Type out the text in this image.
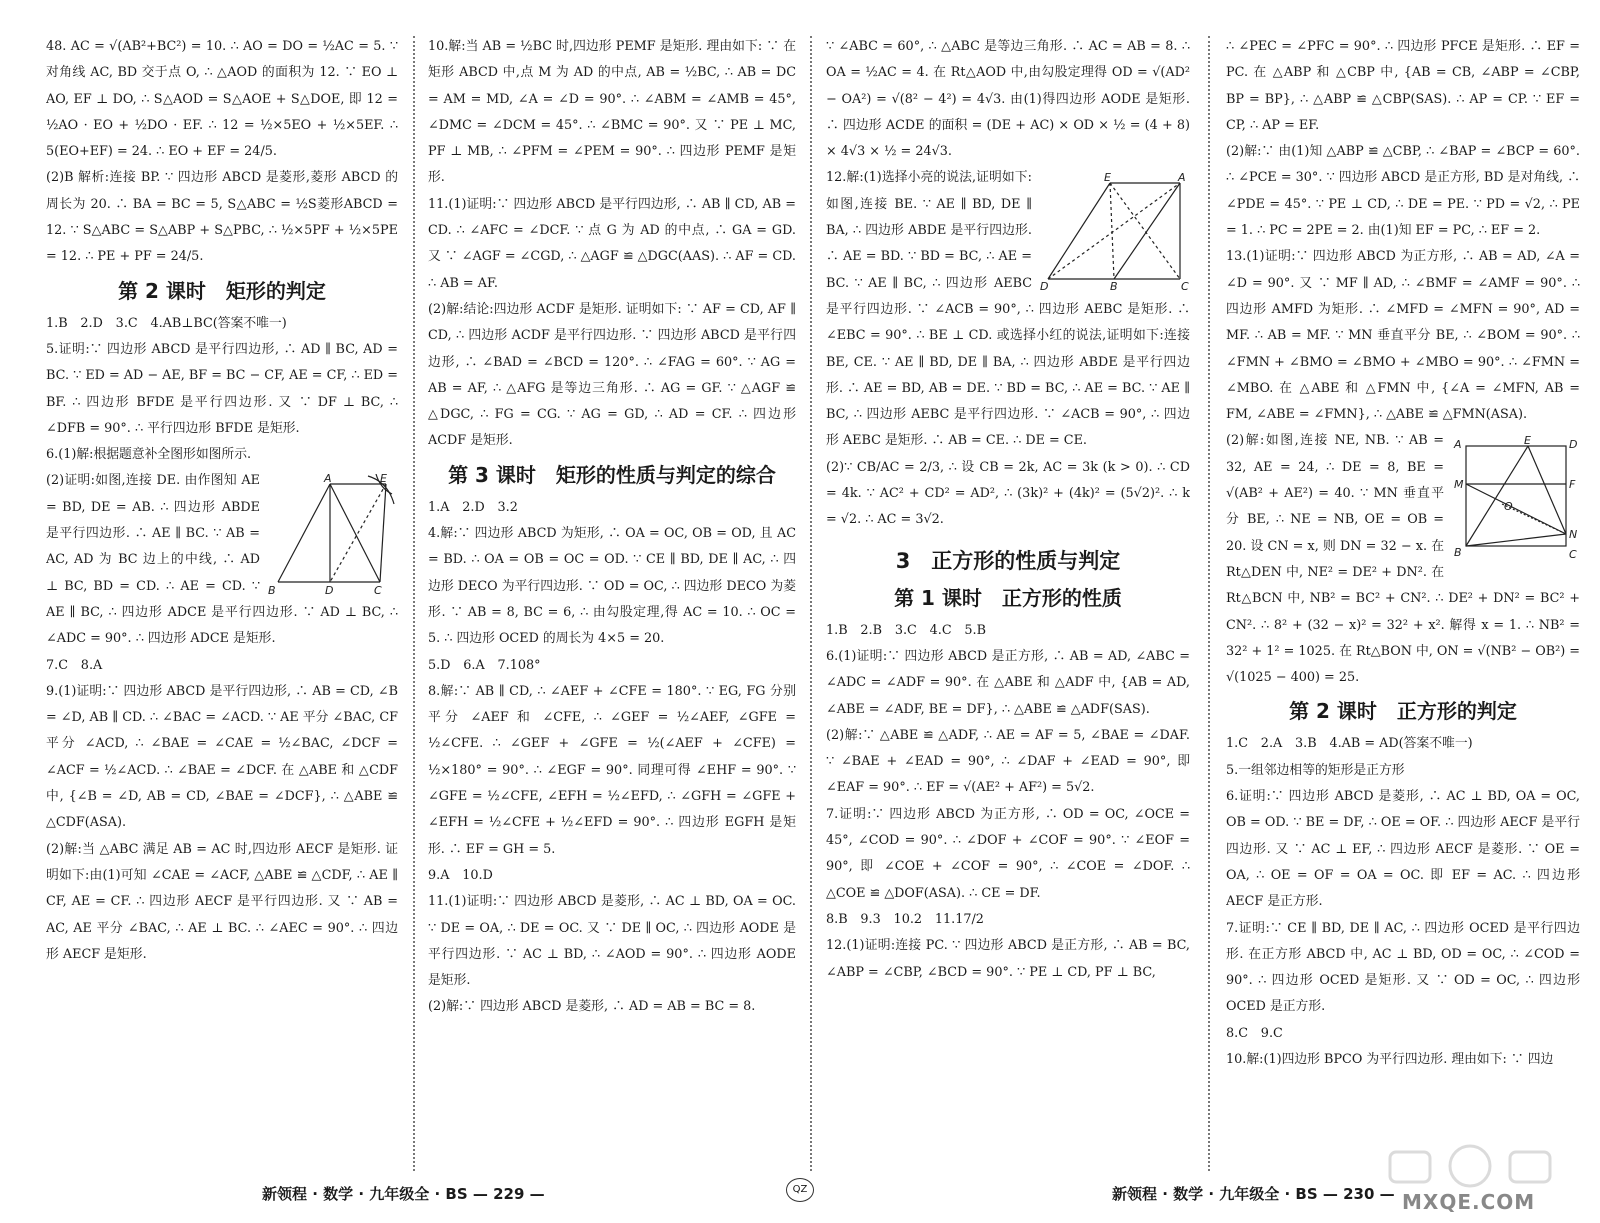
48. AC = √(AB²+BC²) = 10. ∴ AO = DO = ½AC = 5. ∵ 对角线 AC, BD 交于点 O, ∴ △AOD 的面积为 12. ∵ EO ⊥ AO, EF ⊥ DO, ∴ S△AOD = S△AOE + S△DOE, 即 12 = ½AO · EO + ½DO · EF. ∴ 12 = ½×5EO + ½×5EF. ∴ 5(EO+EF) = 24. ∴ EO + EF = 24/5.

(2)B 解析:连接 BP. ∵ 四边形 ABCD 是菱形,菱形 ABCD 的周长为 20. ∴ BA = BC = 5, S△ABC = ½S菱形ABCD = 12. ∵ S△ABC = S△ABP + S△PBC, ∴ ½×5PF + ½×5PE = 12. ∴ PE + PF = 24/5.

第 2 课时　矩形的判定

1.B　2.D　3.C　4.AB⊥BC(答案不唯一)

5.证明:∵ 四边形 ABCD 是平行四边形, ∴ AD ∥ BC, AD = BC. ∵ ED = AD − AE, BF = BC − CF, AE = CF, ∴ ED = BF. ∴ 四边形 BFDE 是平行四边形. 又 ∵ DF ⊥ BC, ∴ ∠DFB = 90°. ∴ 平行四边形 BFDE 是矩形.

6.(1)解:根据题意补全图形如图所示.

A
B	C
D
E

(2)证明:如图,连接 DE. 由作图知 AE = BD, DE = AB. ∴ 四边形 ABDE 是平行四边形. ∴ AE ∥ BC. ∵ AB = AC, AD 为 BC 边上的中线, ∴ AD ⊥ BC, BD = CD. ∴ AE = CD. ∵ AE ∥ BC, ∴ 四边形 ADCE 是平行四边形. ∵ AD ⊥ BC, ∴ ∠ADC = 90°. ∴ 四边形 ADCE 是矩形.

7.C　8.A

9.(1)证明:∵ 四边形 ABCD 是平行四边形, ∴ AB = CD, ∠B = ∠D, AB ∥ CD. ∴ ∠BAC = ∠ACD. ∵ AE 平分 ∠BAC, CF 平分 ∠ACD, ∴ ∠BAE = ∠CAE = ½∠BAC, ∠DCF = ∠ACF = ½∠ACD. ∴ ∠BAE = ∠DCF. 在 △ABE 和 △CDF 中, {∠B = ∠D, AB = CD, ∠BAE = ∠DCF}, ∴ △ABE ≌ △CDF(ASA).

(2)解:当 △ABC 满足 AB = AC 时,四边形 AECF 是矩形. 证明如下:由(1)可知 ∠CAE = ∠ACF, △ABE ≌ △CDF, ∴ AE ∥ CF, AE = CF. ∴ 四边形 AECF 是平行四边形. 又 ∵ AB = AC, AE 平分 ∠BAC, ∴ AE ⊥ BC. ∴ ∠AEC = 90°. ∴ 四边形 AECF 是矩形.

10.解:当 AB = ½BC 时,四边形 PEMF 是矩形. 理由如下: ∵ 在矩形 ABCD 中,点 M 为 AD 的中点, AB = ½BC, ∴ AB = DC = AM = MD, ∠A = ∠D = 90°. ∴ ∠ABM = ∠AMB = 45°, ∠DMC = ∠DCM = 45°. ∴ ∠BMC = 90°. 又 ∵ PE ⊥ MC, PF ⊥ MB, ∴ ∠PFM = ∠PEM = 90°. ∴ 四边形 PEMF 是矩形.

11.(1)证明:∵ 四边形 ABCD 是平行四边形, ∴ AB ∥ CD, AB = CD. ∴ ∠AFC = ∠DCF. ∵ 点 G 为 AD 的中点, ∴ GA = GD. 又 ∵ ∠AGF = ∠CGD, ∴ △AGF ≌ △DGC(AAS). ∴ AF = CD. ∴ AB = AF.

(2)解:结论:四边形 ACDF 是矩形. 证明如下: ∵ AF = CD, AF ∥ CD, ∴ 四边形 ACDF 是平行四边形. ∵ 四边形 ABCD 是平行四边形, ∴ ∠BAD = ∠BCD = 120°. ∴ ∠FAG = 60°. ∵ AG = AB = AF, ∴ △AFG 是等边三角形. ∴ AG = GF. ∵ △AGF ≌ △DGC, ∴ FG = CG. ∵ AG = GD, ∴ AD = CF. ∴ 四边形 ACDF 是矩形.

第 3 课时　矩形的性质与判定的综合

1.A　2.D　3.2

4.解:∵ 四边形 ABCD 为矩形, ∴ OA = OC, OB = OD, 且 AC = BD. ∴ OA = OB = OC = OD. ∵ CE ∥ BD, DE ∥ AC, ∴ 四边形 DECO 为平行四边形. ∵ OD = OC, ∴ 四边形 DECO 为菱形. ∵ AB = 8, BC = 6, ∴ 由勾股定理,得 AC = 10. ∴ OC = 5. ∴ 四边形 OCED 的周长为 4×5 = 20.

5.D　6.A　7.108°

8.解:∵ AB ∥ CD, ∴ ∠AEF + ∠CFE = 180°. ∵ EG, FG 分别平分 ∠AEF 和 ∠CFE, ∴ ∠GEF = ½∠AEF, ∠GFE = ½∠CFE. ∴ ∠GEF + ∠GFE = ½(∠AEF + ∠CFE) = ½×180° = 90°. ∴ ∠EGF = 90°. 同理可得 ∠EHF = 90°. ∵ ∠GFE = ½∠CFE, ∠EFH = ½∠EFD, ∴ ∠GFH = ∠GFE + ∠EFH = ½∠CFE + ½∠EFD = 90°. ∴ 四边形 EGFH 是矩形. ∴ EF = GH = 5.

9.A　10.D

11.(1)证明:∵ 四边形 ABCD 是菱形, ∴ AC ⊥ BD, OA = OC. ∵ DE = OA, ∴ DE = OC. 又 ∵ DE ∥ OC, ∴ 四边形 AODE 是平行四边形. ∵ AC ⊥ BD, ∴ ∠AOD = 90°. ∴ 四边形 AODE 是矩形.

(2)解:∵ 四边形 ABCD 是菱形, ∴ AD = AB = BC = 8.

∵ ∠ABC = 60°, ∴ △ABC 是等边三角形. ∴ AC = AB = 8. ∴ OA = ½AC = 4. 在 Rt△AOD 中,由勾股定理得 OD = √(AD² − OA²) = √(8² − 4²) = 4√3. 由(1)得四边形 AODE 是矩形. ∴ 四边形 ACDE 的面积 = (DE + AC) × OD × ½ = (4 + 8) × 4√3 × ½ = 24√3.

E	A
D	B	C

12.解:(1)选择小亮的说法,证明如下:如图,连接 BE. ∵ AE ∥ BD, DE ∥ BA, ∴ 四边形 ABDE 是平行四边形. ∴ AE = BD. ∵ BD = BC, ∴ AE = BC. ∵ AE ∥ BC, ∴ 四边形 AEBC 是平行四边形. ∵ ∠ACB = 90°, ∴ 四边形 AEBC 是矩形. ∴ ∠EBC = 90°. ∴ BE ⊥ CD. 或选择小红的说法,证明如下:连接 BE, CE. ∵ AE ∥ BD, DE ∥ BA, ∴ 四边形 ABDE 是平行四边形. ∴ AE = BD, AB = DE. ∵ BD = BC, ∴ AE = BC. ∵ AE ∥ BC, ∴ 四边形 AEBC 是平行四边形. ∵ ∠ACB = 90°, ∴ 四边形 AEBC 是矩形. ∴ AB = CE. ∴ DE = CE.

(2)∵ CB/AC = 2/3, ∴ 设 CB = 2k, AC = 3k (k > 0). ∴ CD = 4k. ∵ AC² + CD² = AD², ∴ (3k)² + (4k)² = (5√2)². ∴ k = √2. ∴ AC = 3√2.

3　正方形的性质与判定
第 1 课时　正方形的性质

1.B　2.B　3.C　4.C　5.B

6.(1)证明:∵ 四边形 ABCD 是正方形, ∴ AB = AD, ∠ABC = ∠ADC = ∠ADF = 90°. 在 △ABE 和 △ADF 中, {AB = AD, ∠ABE = ∠ADF, BE = DF}, ∴ △ABE ≌ △ADF(SAS).

(2)解:∵ △ABE ≌ △ADF, ∴ AE = AF = 5, ∠BAE = ∠DAF. ∵ ∠BAE + ∠EAD = 90°, ∴ ∠DAF + ∠EAD = 90°, 即 ∠EAF = 90°. ∴ EF = √(AE² + AF²) = 5√2.

7.证明:∵ 四边形 ABCD 为正方形, ∴ OD = OC, ∠OCE = 45°, ∠COD = 90°. ∴ ∠DOF + ∠COF = 90°. ∵ ∠EOF = 90°, 即 ∠COE + ∠COF = 90°, ∴ ∠COE = ∠DOF. ∴ △COE ≌ △DOF(ASA). ∴ CE = DF.

8.B　9.3　10.2　11.17/2

12.(1)证明:连接 PC. ∵ 四边形 ABCD 是正方形, ∴ AB = BC, ∠ABP = ∠CBP, ∠BCD = 90°. ∵ PE ⊥ CD, PF ⊥ BC,

∴ ∠PEC = ∠PFC = 90°. ∴ 四边形 PFCE 是矩形. ∴ EF = PC. 在 △ABP 和 △CBP 中, {AB = CB, ∠ABP = ∠CBP, BP = BP}, ∴ △ABP ≌ △CBP(SAS). ∴ AP = CP. ∵ EF = CP, ∴ AP = EF.

(2)解:∵ 由(1)知 △ABP ≌ △CBP, ∴ ∠BAP = ∠BCP = 60°. ∴ ∠PCE = 30°. ∵ 四边形 ABCD 是正方形, BD 是对角线, ∴ ∠PDE = 45°. ∵ PE ⊥ CD, ∴ DE = PE. ∵ PD = √2, ∴ PE = 1. ∴ PC = 2PE = 2. 由(1)知 EF = PC, ∴ EF = 2.

13.(1)证明:∵ 四边形 ABCD 为正方形, ∴ AB = AD, ∠A = ∠D = 90°. 又 ∵ MF ∥ AD, ∴ ∠BMF = ∠AMF = 90°. ∴ 四边形 AMFD 为矩形. ∴ ∠MFD = ∠MFN = 90°, AD = MF. ∴ AB = MF. ∵ MN 垂直平分 BE, ∴ ∠BOM = 90°. ∴ ∠FMN + ∠BMO = ∠BMO + ∠MBO = 90°. ∴ ∠FMN = ∠MBO. 在 △ABE 和 △FMN 中, {∠A = ∠MFN, AB = FM, ∠ABE = ∠FMN}, ∴ △ABE ≌ △FMN(ASA).

A	E	D
M	F
O
N
B	C

(2)解:如图,连接 NE, NB. ∵ AB = 32, AE = 24, ∴ DE = 8, BE = √(AB² + AE²) = 40. ∵ MN 垂直平分 BE, ∴ NE = NB, OE = OB = 20. 设 CN = x, 则 DN = 32 − x. 在 Rt△DEN 中, NE² = DE² + DN². 在 Rt△BCN 中, NB² = BC² + CN². ∴ DE² + DN² = BC² + CN². ∴ 8² + (32 − x)² = 32² + x². 解得 x = 1. ∴ NB² = 32² + 1² = 1025. 在 Rt△BON 中, ON = √(NB² − OB²) = √(1025 − 400) = 25.

第 2 课时　正方形的判定

1.C　2.A　3.B　4.AB = AD(答案不唯一)

5.一组邻边相等的矩形是正方形

6.证明:∵ 四边形 ABCD 是菱形, ∴ AC ⊥ BD, OA = OC, OB = OD. ∵ BE = DF, ∴ OE = OF. ∴ 四边形 AECF 是平行四边形. 又 ∵ AC ⊥ EF, ∴ 四边形 AECF 是菱形. ∵ OE = OA, ∴ OE = OF = OA = OC. 即 EF = AC. ∴ 四边形 AECF 是正方形.

7.证明:∵ CE ∥ BD, DE ∥ AC, ∴ 四边形 OCED 是平行四边形. 在正方形 ABCD 中, AC ⊥ BD, OD = OC, ∴ ∠COD = 90°. ∴ 四边形 OCED 是矩形. 又 ∵ OD = OC, ∴ 四边形 OCED 是正方形.

8.C　9.C

10.解:(1)四边形 BPCO 为平行四边形. 理由如下: ∵ 四边

新领程 · 数学 · 九年级全 · BS — 229 —	QZ	新领程 · 数学 · 九年级全 · BS — 230 — MXQE.COM
